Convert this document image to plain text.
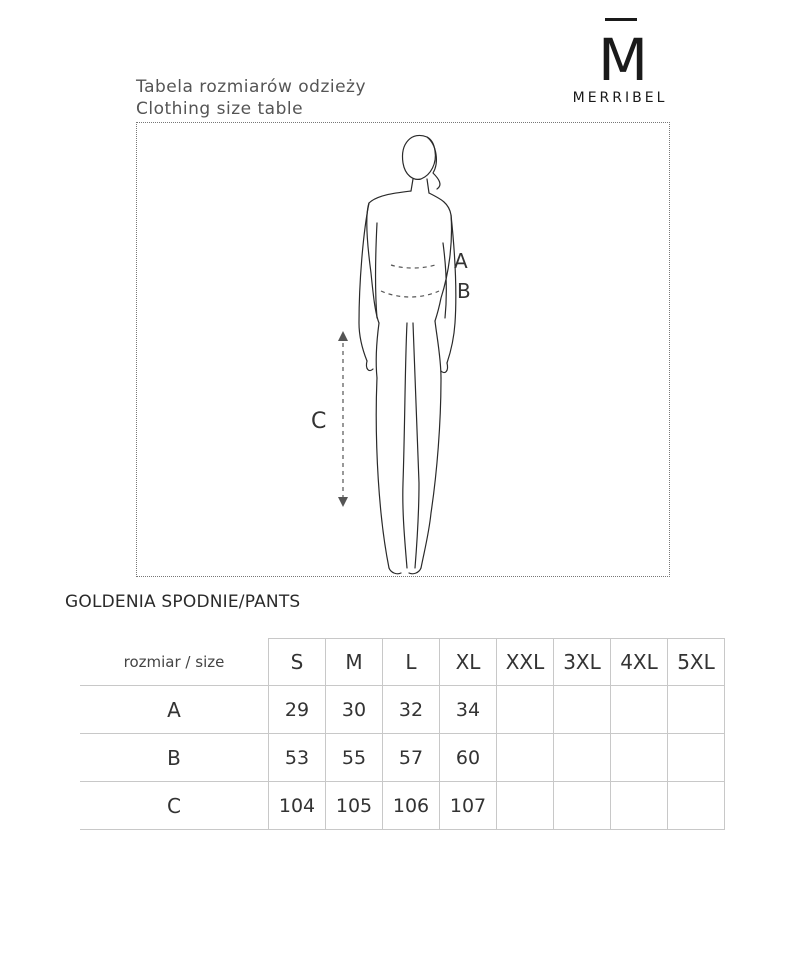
Tabela rozmiarów odzieży
Clothing size table
M
MERRIBEL
A
B
C
GOLDENIA SPODNIE/PANTS
rozmiar / size	S	M	L	XL	XXL	3XL	4XL	5XL
A	29	30	32	34				
B	53	55	57	60				
C	104	105	106	107				
